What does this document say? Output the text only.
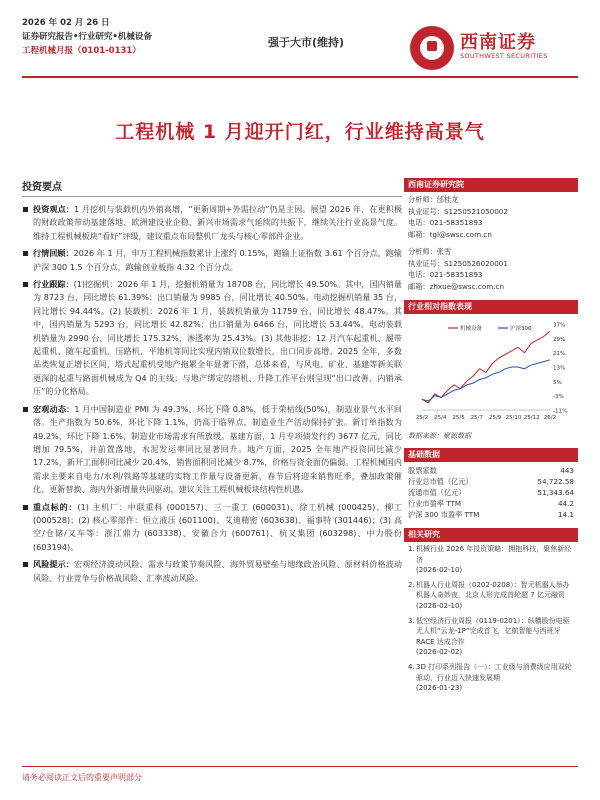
2026 年 02 月 26 日
证券研究报告•行业研究•机械设备
工程机械月报（0101-0131）
强于大市(维持)	西南证券
SOUTHWEST SECURITIES
工程机械 1 月迎开门红，行业维持高景气
投资要点
投资观点：1 月挖机与装载机内外销高增，“更新周期+外需拉动”仍是主因。展望 2026 年，在更积极的财政政策带动基建落地、欧洲建设业企稳、新兴市场需求气延续的共振下，继续关注行业高景气度。维持工程机械板块“看好”评级，建议重点布局整机厂龙头与核心零部件企业。
行情回顾：2026 年 1 月，申万工程机械指数累计上涨约 0.15%，跑输上证指数 3.61 个百分点，跑输沪深 300 1.5 个百分点，跑输创业板指 4.32 个百分点。
行业跟踪：(1)挖掘机：2026 年 1 月，挖掘机销量为 18708 台，同比增长 49.50%。其中，国内销量为 8723 台，同比增长 61.39%；出口销量为 9985 台，同比增长 40.50%。电动挖掘机销量 35 台，同比增长 94.44%。(2) 装载机：2026 年 1 月，装载机销量为 11759 台，同比增长 48.47%。其中，国内销量为 5293 台，同比增长 42.82%；出口销量为 6466 台，同比增长 53.44%。电动装载机销量为 2990 台，同比增长 175.32%，渗透率为 25.43%。(3) 其他非挖：12 月汽车起重机、履带起重机、随车起重机、压路机、平地机等同比实现内销双位数增长，出口同步高增。2025 全年，多数品类恢复正增长区间，塔式起重机受地产拖累全年显著下滑，总体来看，与风电、矿业、基建等新关联更深的起重与路面机械成为 Q4 的主线；与地产绑定的塔机、升降工作平台则呈现“出口改善、内销承压”的分化格局。
宏观动态：1 月中国制造业 PMI 为 49.3%，环比下降 0.8%，低于荣枯线(50%)，制造业景气水平回落。生产指数为 50.6%，环比下降 1.1%，仍高于临界点，制造业生产活动保持扩张。新订单指数为 49.2%，环比下降 1.6%，制造业市场需求有所放缓。基建方面，1 月专项债发行约 3677 亿元，同比增加 79.5%，并前置落地，水泥发运率同比显著回升。地产方面，2025 全年地产投资同比减少 17.2%，新开工面积同比减少 20.4%，销售面积同比减少 8.7%，价格与资金面仍偏弱。工程机械国内需求主要来自电力/水利/铁路等基建的实物工作量与设备更新，春节后将迎来销售旺季，叠加政策催化、更新替换、海内外新增量共同驱动，建议关注工程机械板块结构性机遇。
重点标的：(1) 主机厂：中联重科 (000157)、三一重工 (600031)、徐工机械 (000425)、柳工 (000528)；(2) 核心零部件：恒立液压 (601100)、艾迪精密 (603638)、福事特 (301446)；(3) 高空/仓储/叉车等：浙江鼎力 (603338)、安徽合力 (600761)、杭叉集团 (603298)、中力股份 (603194)。
风险提示：宏观经济波动风险、需求与政策节奏风险、海外贸易壁垒与地缘政治风险、原材料价格波动风险、行业竞争与价格战风险、汇率波动风险。
西南证券研究院
分析师：邰桂龙
执业证号：S1250521050002
电话：021-58351893
邮箱：tgl@swsc.com.cn
分析师：张雪
执业证号：S1250526020001
电话：021-58351893
邮箱：zhxue@swsc.com.cn
行业相对指数表现
37%
29%
21%
13%
5%
-3%
-11%
25/2 25/4 25/5 25/7 25/9 25/10 25/12 26/2
机械设备	沪深300
数据来源：聚源数据
基础数据
股票家数	443
行业总市值（亿元）	54,722.58
流通市值（亿元）	51,343.64
行业市盈率 TTM	44.2
沪深 300 市盈率 TTM	14.1
相关研究
1. 机械行业 2026 年投资策略：拥抱科技，聚焦新经济
(2026-02-10)
2. 机器人行业周报（0202-0208）：智元机器人举办机器人奇妙夜，北京人形完成首轮超 7 亿元融资
(2026-02-10)
3. 低空经济行业周报（0119-0201）：纵横股份电驱无人机“云龙-1P”完成首飞，亿航智能与西班牙 RACE 达成合作
(2026-02-02)
4. 3D 打印系列报告（一）：工业级与消费级应用双轮驱动，行业迈入快速发展期
(2026-01-23)
请务必阅读正文后的重要声明部分
